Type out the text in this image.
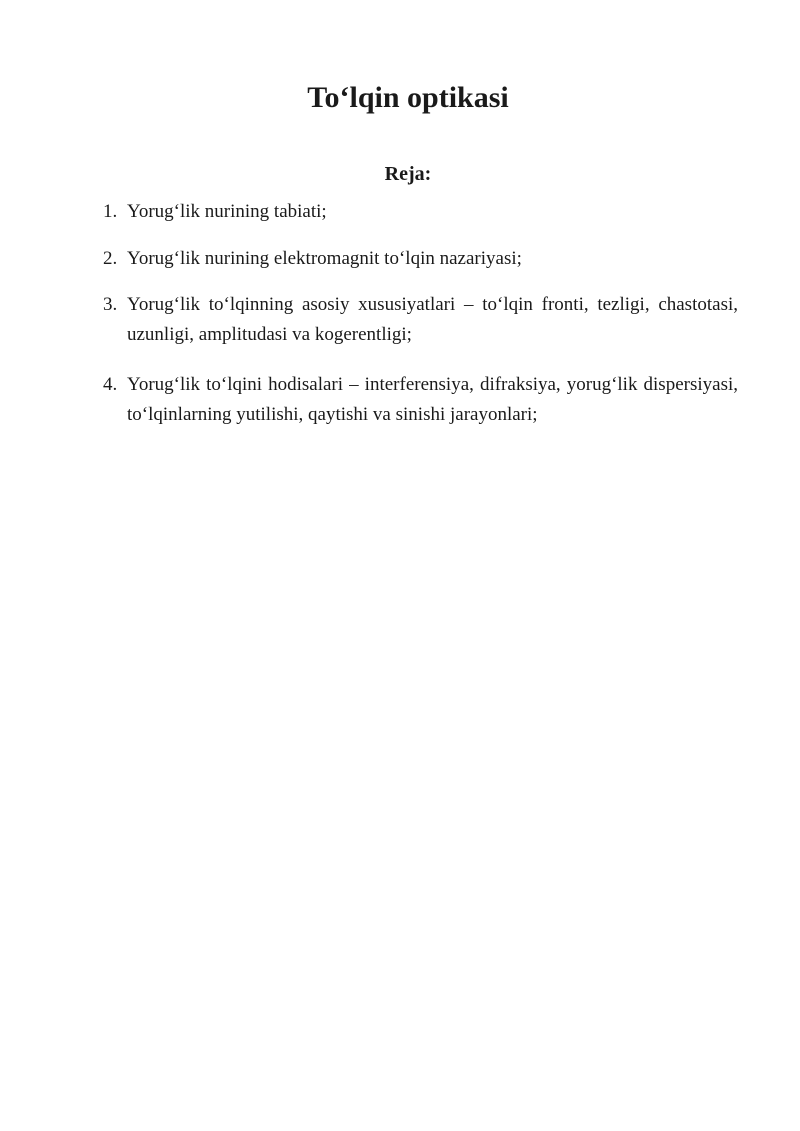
To‘lqin optikasi
Reja:
1. Yorug‘lik nurining tabiati;
2. Yorug‘lik nurining elektromagnit to‘lqin nazariyasi;
3. Yorug‘lik to‘lqinning asosiy xususiyatlari – to‘lqin fronti, tezligi, chastotasi, uzunligi, amplitudasi va kogerentligi;
4. Yorug‘lik to‘lqini hodisalari – interferensiya, difraksiya, yorug‘lik dispersiyasi, to‘lqinlarning yutilishi, qaytishi va sinishi jarayonlari;
